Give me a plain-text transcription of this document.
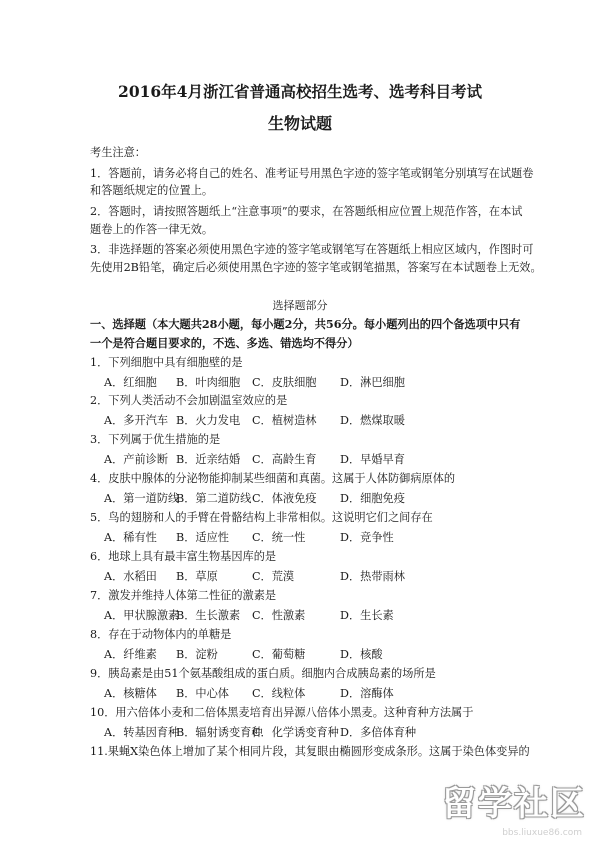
2016年4月浙江省普通高校招生选考、选考科目考试
生物试题
考生注意：
1．答题前，请务必将自己的姓名、准考证号用黑色字迹的签字笔或钢笔分别填写在试题卷
和答题纸规定的位置上。
2．答题时，请按照答题纸上“注意事项”的要求，在答题纸相应位置上规范作答，在本试
题卷上的作答一律无效。
3．非选择题的答案必须使用黑色字迹的签字笔或钢笔写在答题纸上相应区域内，作图时可
先使用2B铅笔，确定后必须使用黑色字迹的签字笔或钢笔描黑，答案写在本试题卷上无效。
选择题部分
一、选择题（本大题共28小题，每小题2分，共56分。每小题列出的四个备选项中只有
一个是符合题目要求的，不选、多选、错选均不得分）
1．下列细胞中具有细胞壁的是
A．红细胞 B．叶肉细胞 C．皮肤细胞 D．淋巴细胞
2．下列人类活动不会加剧温室效应的是
A．多开汽车 B．火力发电 C．植树造林 D．燃煤取暖
3．下列属于优生措施的是
A．产前诊断 B．近亲结婚 C．高龄生育 D．早婚早育
4．皮肤中腺体的分泌物能抑制某些细菌和真菌。这属于人体防御病原体的
A．第一道防线
B．第二道防线 C．体液免疫 D．细胞免疫
5．鸟的翅膀和人的手臂在骨骼结构上非常相似。这说明它们之间存在
A．稀有性 B．适应性 C．统一性	D．竞争性
6．地球上具有最丰富生物基因库的是
A．水稻田 B．草原	C．荒漠	D．热带雨林
7．激发并维持人体第二性征的激素是
A．甲状腺激素
B．生长激素 C．性激素	D．生长素
8．存在于动物体内的单糖是
A．纤维素 B．淀粉	C．葡萄糖	D．核酸
9．胰岛素是由51个氨基酸组成的蛋白质。细胞内合成胰岛素的场所是
A．核糖体 B．中心体 C．线粒体	D．溶酶体
10．用六倍体小麦和二倍体黑麦培育出异源八倍体小黑麦。这种育种方法属于
A．转基因育种
B．辐射诱变育种
C．化学诱变育种 D．多倍体育种
11.果蝇X染色体上增加了某个相同片段，其复眼由椭圆形变成条形。这属于染色体变异的
留学社区
bbs.liuxue86.com
